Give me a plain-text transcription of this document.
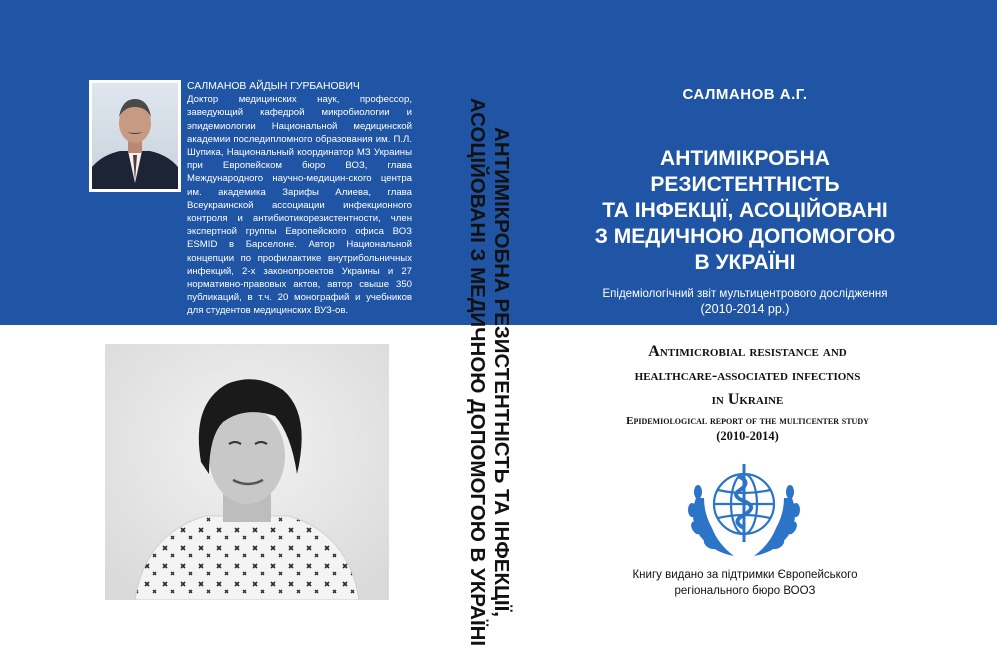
САЛМАНОВ АЙДЫН ГУРБАНОВИЧ
Доктор медицинских наук, профессор, заведующий кафедрой микробиологии и эпидемиологии Национальной медицинской академии последипломного образования им. П.Л. Шупика, Национальный координатор МЗ Украины при Европейском бюро ВОЗ, глава Международного научно-медицин-ского центра им. академика Зарифы Алиева, глава Всеукраинской ассоциации инфекционного контроля и антибиотикорезистентности, член экспертной группы Европейского офиса ВОЗ ESMID в Барселоне. Автор Национальной концепции по профилактике внутрибольничных инфекций, 2-х законопроектов Украины и 27 нормативно-правовых актов, автор свыше 350 публикаций, в т.ч. 20 монографий и учебников для студентов медицинских ВУЗ-ов.	АНТИМІКРОБНА РЕЗИСТЕНТНІСТЬ ТА ІНФЕКЦІЇ,
АСОЦІЙОВАНІ З МЕДИЧНОЮ ДОПОМОГОЮ В УКРАЇНІ
САЛМАНОВ А.Г.
АНТИМІКРОБНА
РЕЗИСТЕНТНІСТЬ
ТА ІНФЕКЦІЇ, АСОЦІЙОВАНІ
З МЕДИЧНОЮ ДОПОМОГОЮ
В УКРАЇНІ
Епідеміологічний звіт мультицентрового дослідження
(2010-2014 рр.)
Antimicrobial resistance and
healthcare-associated infections
in Ukraine
Epidemiological report of the multicenter study
(2010-2014)
Книгу видано за підтримки Європейського
регіонального бюро ВООЗ
